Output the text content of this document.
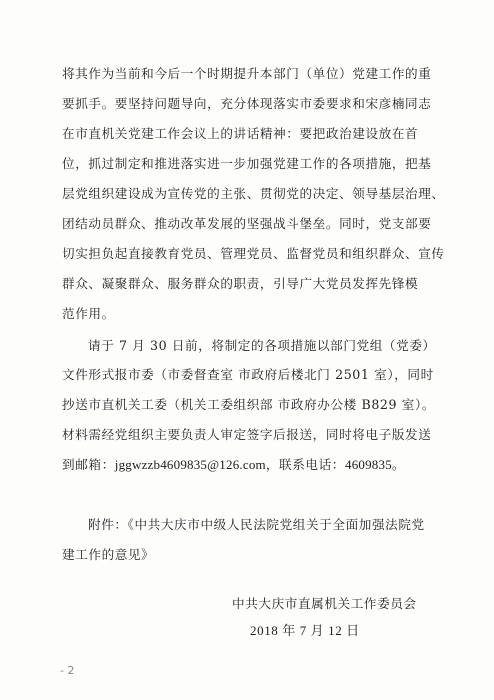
将其作为当前和今后一个时期提升本部门（单位）党建工作的重
要抓手。要坚持问题导向，充分体现落实市委要求和宋彦楠同志
在市直机关党建工作会议上的讲话精神：要把政治建设放在首
位，抓过制定和推进落实进一步加强党建工作的各项措施，把基
层党组织建设成为宣传党的主张、贯彻党的决定、领导基层治理、
团结动员群众、推动改革发展的坚强战斗堡垒。同时，党支部要
切实担负起直接教育党员、管理党员、监督党员和组织群众、宣传
群众、凝聚群众、服务群众的职责，引导广大党员发挥先锋模
范作用。
请于 7 月 30 日前，将制定的各项措施以部门党组（党委）
文件形式报市委（市委督查室 市政府后楼北门 2501 室），同时
抄送市直机关工委（机关工委组织部 市政府办公楼 B829 室）。
材料需经党组织主要负责人审定签字后报送，同时将电子版发送
到邮箱：jggwzzb4609835@126.com，联系电话：4609835。
附件：《中共大庆市中级人民法院党组关于全面加强法院党
建工作的意见》
中共大庆市直属机关工作委员会
2018 年 7 月 12 日
- 2
